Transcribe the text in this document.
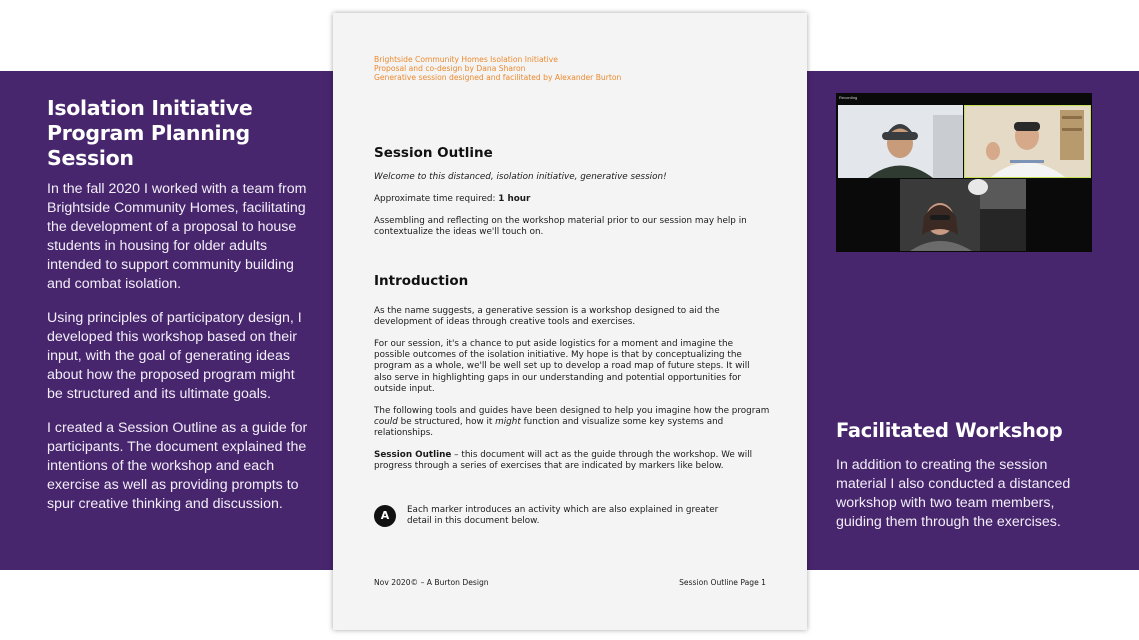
Isolation Initiative
Program Planning Session

In the fall 2020 I worked with a team from Brightside Community Homes, facilitating the development of a proposal to house students in housing for older adults intended to support community building and combat isolation.

Using principles of participatory design, I developed this workshop based on their input, with the goal of generating ideas about how the proposed program might be structured and its ultimate goals.

I created a Session Outline as a guide for participants. The document explained the intentions of the workshop and each exercise as well as providing prompts to spur creative thinking and discussion.

Brightside Community Homes Isolation Initiative
Proposal and co-design by Dana Sharon
Generative session designed and facilitated by Alexander Burton
Session Outline
Welcome to this distanced, isolation initiative, generative session!
Approximate time required: 1 hour
Assembling and reflecting on the workshop material prior to our session may help in contextualize the ideas we'll touch on.
Introduction
As the name suggests, a generative session is a workshop designed to aid the development of ideas through creative tools and exercises.
For our session, it's a chance to put aside logistics for a moment and imagine the possible outcomes of the isolation initiative. My hope is that by conceptualizing the program as a whole, we'll be well set up to develop a road map of future steps. It will also serve in highlighting gaps in our understanding and potential opportunities for outside input.
The following tools and guides have been designed to help you imagine how the program could be structured, how it might function and visualize some key systems and relationships.
Session Outline – this document will act as the guide through the workshop. We will progress through a series of exercises that are indicated by markers like below.
A	Each marker introduces an activity which are also explained in greater detail in this document below.
Nov 2020© – A Burton Design	Session Outline Page 1
Recording
Facilitated Workshop

In addition to creating the session material I also conducted a distanced workshop with two team members, guiding them through the exercises.
